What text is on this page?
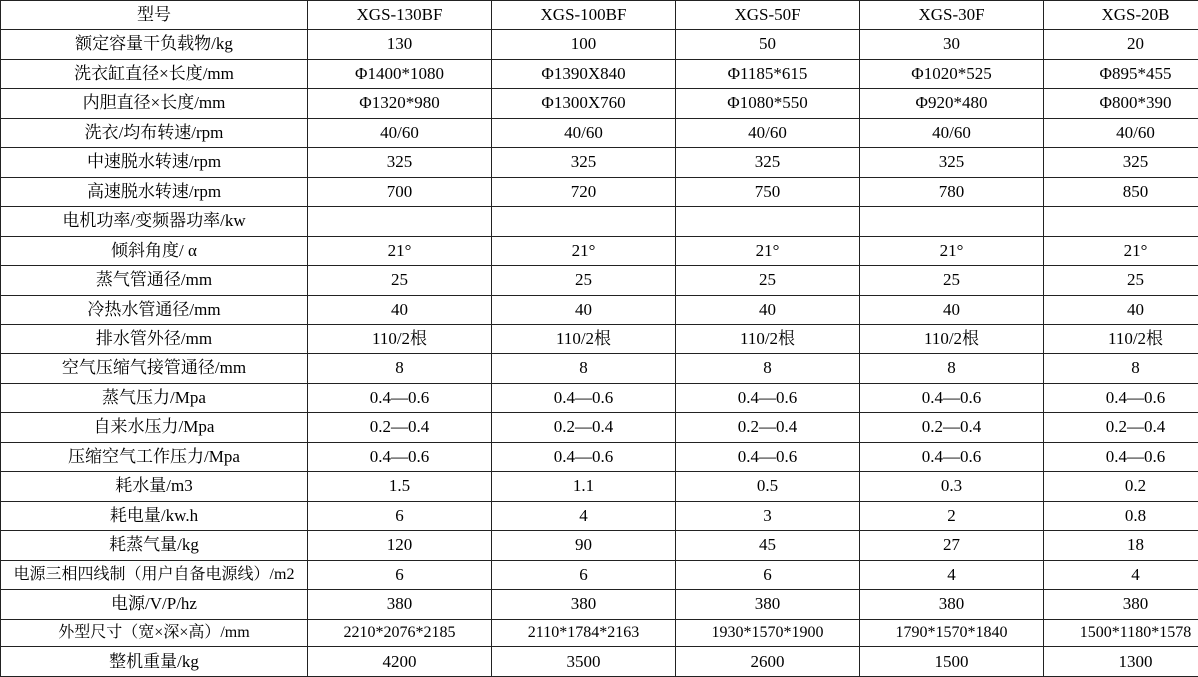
型号	XGS-130BF	XGS-100BF	XGS-50F	XGS-30F	XGS-20B
额定容量干负载物/kg	130	100	50	30	20
洗衣缸直径×长度/mm	Φ1400*1080	Φ1390X840	Φ1185*615	Φ1020*525	Φ895*455
内胆直径×长度/mm	Φ1320*980	Φ1300X760	Φ1080*550	Φ920*480	Φ800*390
洗衣/均布转速/rpm	40/60	40/60	40/60	40/60	40/60
中速脱水转速/rpm	325	325	325	325	325
高速脱水转速/rpm	700	720	750	780	850
电机功率/变频器功率/kw					
倾斜角度/ α	21°	21°	21°	21°	21°
蒸气管通径/mm	25	25	25	25	25
冷热水管通径/mm	40	40	40	40	40
排水管外径/mm	110/2根	110/2根	110/2根	110/2根	110/2根
空气压缩气接管通径/mm	8	8	8	8	8
蒸气压力/Mpa	0.4—0.6	0.4—0.6	0.4—0.6	0.4—0.6	0.4—0.6
自来水压力/Mpa	0.2—0.4	0.2—0.4	0.2—0.4	0.2—0.4	0.2—0.4
压缩空气工作压力/Mpa	0.4—0.6	0.4—0.6	0.4—0.6	0.4—0.6	0.4—0.6
耗水量/m3	1.5	1.1	0.5	0.3	0.2
耗电量/kw.h	6	4	3	2	0.8
耗蒸气量/kg	120	90	45	27	18
电源三相四线制（用户自备电源线）/m2	6	6	6	4	4
电源/V/P/hz	380	380	380	380	380
外型尺寸（宽×深×高）/mm	2210*2076*2185	2110*1784*2163	1930*1570*1900	1790*1570*1840	1500*1180*1578
整机重量/kg	4200	3500	2600	1500	1300
